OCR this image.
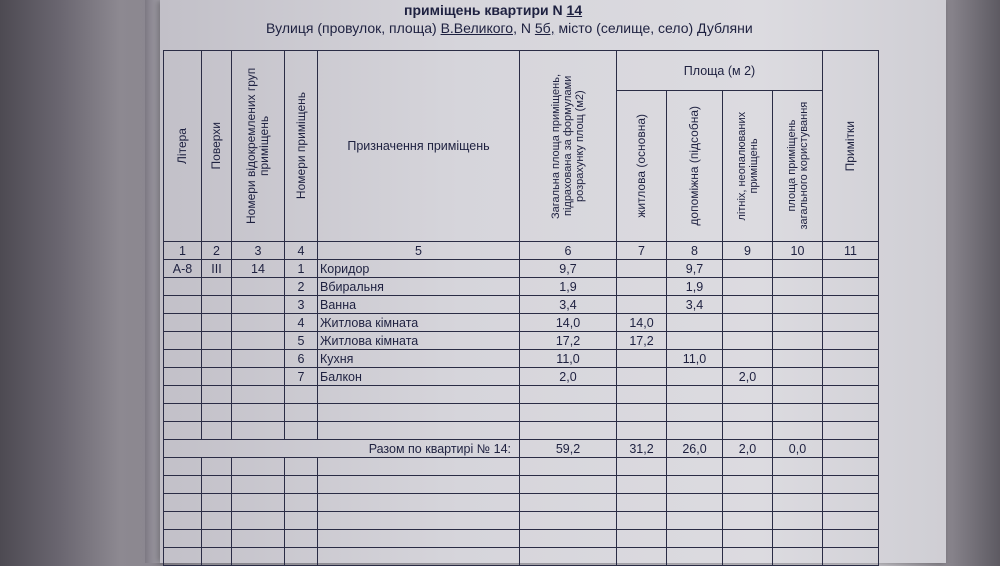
приміщень квартири N 14
Вулиця (провулок, площа) В.Великого, N 5б, місто (селище, село) Дубляни
Літера	Поверхи	Номери відокремлених груп приміщень	Номери приміщень	Призначення приміщень	Загальна площа приміщень, підрахована за формулами розрахунку площ (м2)	Площа (м 2)				Примітки

						житлова (основна)	допоміжна (підсобна)	літніх, неопалюваних приміщень	площа приміщень загального користування	

1	2	3	4	5	6	7	8	9	10	11
А-8	ІІІ	14	1	Коридор	9,7		9,7			
			2	Вбиральня	1,9		1,9			
			3	Ванна	3,4		3,4			
			4	Житлова кімната	14,0	14,0				
			5	Житлова кімната	17,2	17,2				
			6	Кухня	11,0		11,0			
			7	Балкон	2,0			2,0		

Разом по квартирі № 14:					59,2	31,2	26,0	2,0	0,0	
